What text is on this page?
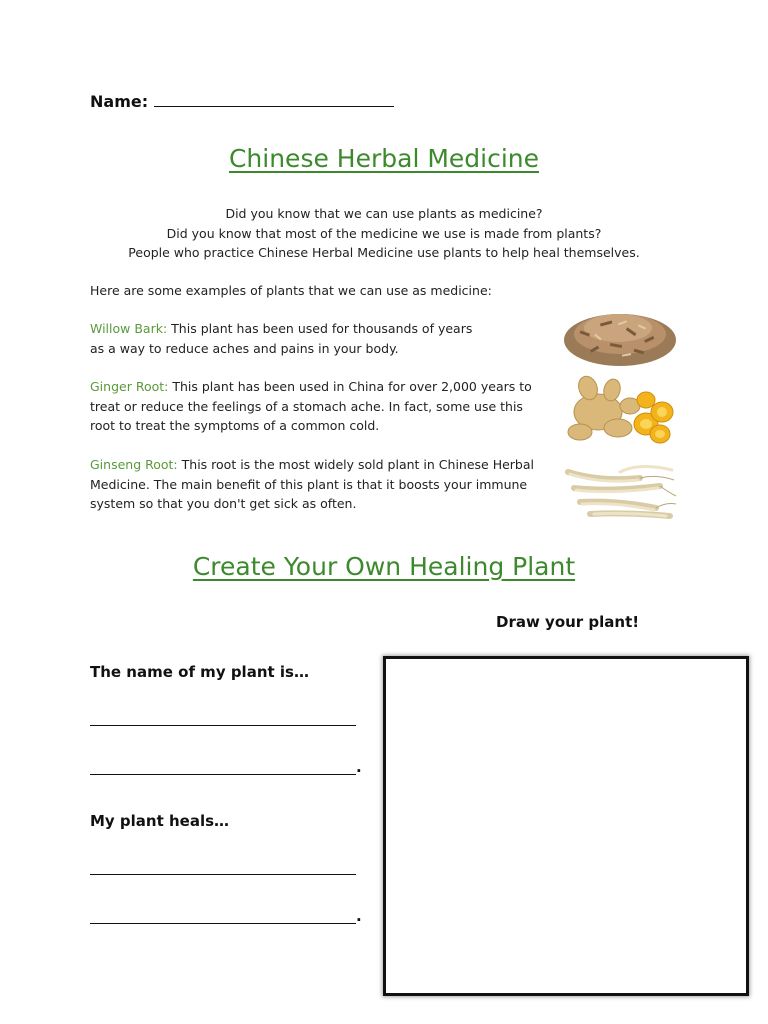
Name:
Chinese Herbal Medicine
Did you know that we can use plants as medicine?
Did you know that most of the medicine we use is made from plants?
People who practice Chinese Herbal Medicine use plants to help heal themselves.
Here are some examples of plants that we can use as medicine:
Willow Bark: This plant has been used for thousands of years
as a way to reduce aches and pains in your body.
Ginger Root: This plant has been used in China for over 2,000 years to
treat or reduce the feelings of a stomach ache. In fact, some use this
root to treat the symptoms of a common cold.
Ginseng Root: This root is the most widely sold plant in Chinese Herbal
Medicine. The main benefit of this plant is that it boosts your immune
system so that you don't get sick as often.
Create Your Own Healing Plant
Draw your plant!
The name of my plant is…
.
My plant heals…
.
